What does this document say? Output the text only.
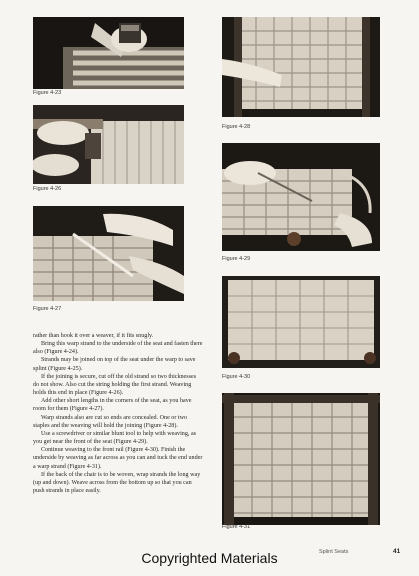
Figure 4-23
Figure 4-26
Figure 4-27
Figure 4-28
Figure 4-29
Figure 4-30
Figure 4-31

rather than hook it over a weaver, if it fits snugly.

Bring this warp strand to the underside of the seat and fasten there also (Figure 4-24).

Strands may be joined on top of the seat under the warp to save splint (Figure 4-25).

If the joining is secure, cut off the old strand so two thicknesses do not show. Also cut the string holding the first strand. Weaving holds this end in place (Figure 4-26).

Add other short lengths in the corners of the seat, as you have room for them (Figure 4-27).

Warp strands also are cut so ends are concealed. One or two staples and the weaving will hold the joining (Figure 4-28).

Use a screwdriver or similar blunt tool to help with weaving, as you get near the front of the seat (Figure 4-29).

Continue weaving to the front rail (Figure 4-30). Finish the underside by weaving as far across as you can and tuck the end under a warp strand (Figure 4-31).

If the back of the chair is to be woven, wrap strands the long way (up and down). Weave across from the bottom up so that you can push strands in place easily.

Splint Seats	41
Copyrighted Materials
